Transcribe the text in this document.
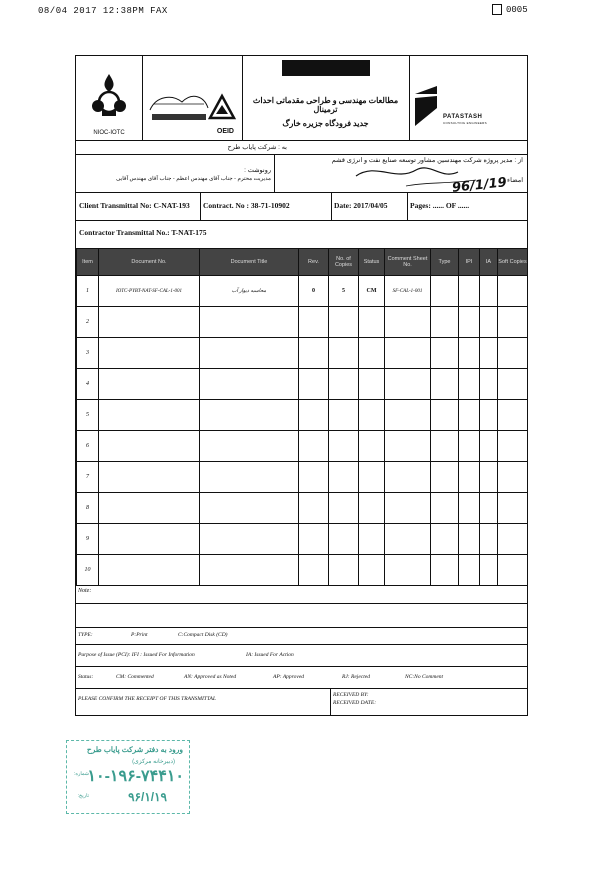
08/04 2017 12:38PM FAX	0005
NIOC-IOTC	OEID
مطالعات مهندسی و طراحی مقدماتی احداث ترمینال
جدید فرودگاه جزیره خارگ
PATASTASH
CONSULTING ENGINEERS
به : شرکت پایاب طرح
از : مدیر پروژه شرکت مهندسین مشاور توسعه صنایع نفت و انرژی قشم
رونوشت :
مدیریت محترم - جناب آقای مهندس اعظم - جناب آقای مهندس آقایی	امضاء :
Client Transmittal No: C-NAT-193 Contract. No : 38-71-10902	Date: 2017/04/05	Pages: ...... OF ......
96/1/19
Contractor Transmittal No.: T-NAT-175
Item	Document No.	Document Title	Rev.	No. of Copies	Status	Comment Sheet No.	Type	IPI	IA	Soft Copies
1	IOTC-PYBT-NAT-SF-CAL-1-001	محاسبه دیوار آب	0	5	CM	SF-CAL-1-001				
2										
3										
4										
5										
6										
7										
8										
9										
10										
Note:
TYPE:	P:Print	C:Compact Disk (CD)
Purpose of Issue (PCI): IFI : Issued For Information	IA: Issued For Action
Status:	CM: Commented	AN: Approved as Noted	AP: Approved	RJ: Rejected	NC:No Comment
PLEASE CONFIRM THE RECEIPT OF THIS TRANSMITTAL
RECEIVED BY:
RECEIVED DATE:
ورود به دفتر شرکت پایاب طرح
(دبیرخانه مرکزی)
شماره:
تاریخ:
۱۰-۱۹۶-۷۴۴۱۰
۹۶/۱/۱۹
